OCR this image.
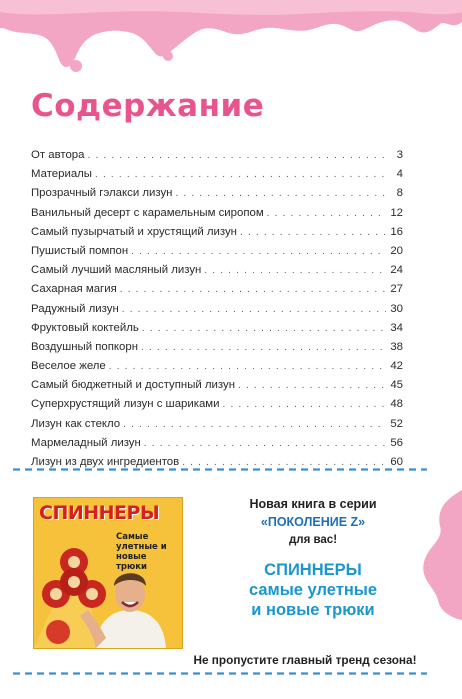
Содержание
От автора . . .	3
Материалы . . .	4
Прозрачный гэлакси лизун . . .	8
Ванильный десерт с карамельным сиропом . . .	12
Самый пузырчатый и хрустящий лизун . . .	16
Пушистый помпон . . .	20
Самый лучший масляный лизун . . .	24
Сахарная магия . . .	27
Радужный лизун . . .	30
Фруктовый коктейль . . .	34
Воздушный попкорн . . .	38
Веселое желе . . .	42
Самый бюджетный и доступный лизун . . .	45
Суперхрустящий лизун с шариками . . .	48
Лизун как стекло . . .	52
Мармеладный лизун . . .	56
Лизун из двух ингредиентов . . .	60
СПИННЕРЫ
Самые улетные и новые трюки
Новая книга в серии
«ПОКОЛЕНИЕ Z»
для вас!
СПИННЕРЫ
самые улетные
и новые трюки
Не пропустите главный тренд сезона!
